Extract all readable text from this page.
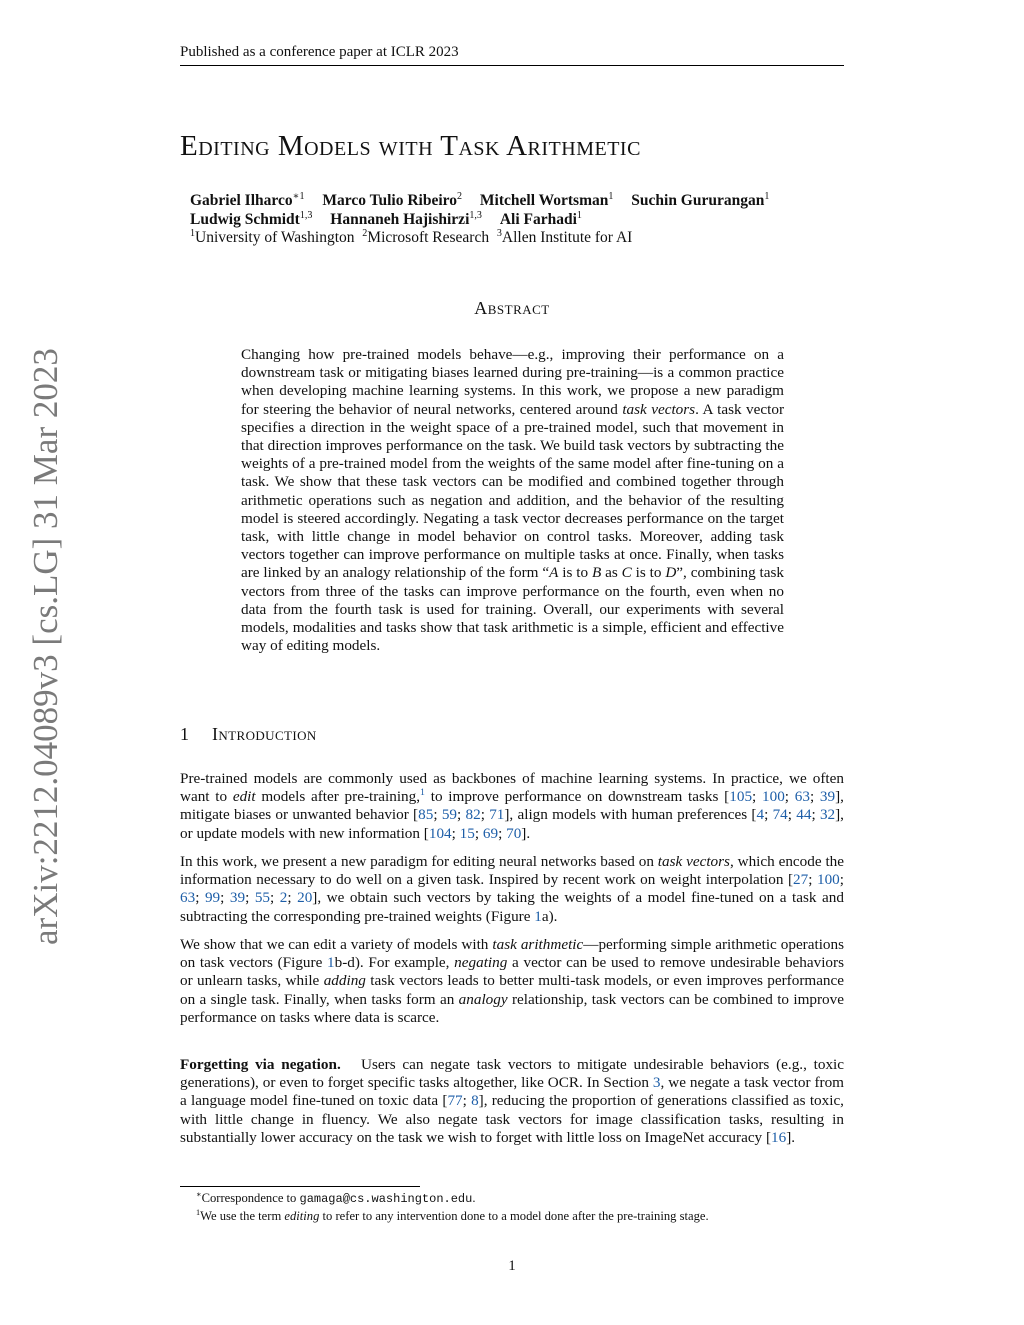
Published as a conference paper at ICLR 2023
arXiv:2212.04089v3 [cs.LG] 31 Mar 2023
Editing Models with Task Arithmetic
Gabriel Ilharco$^{∗1}$ Marco Tulio Ribeiro$^2$ Mitchell Wortsman$^1$ Suchin Gururangan$^1$
Ludwig Schmidt$^{1,3}$ Hannaneh Hajishirzi$^{1,3}$ Ali Farhadi$^1$
$^1$University of Washington $^2$Microsoft Research $^3$Allen Institute for AI
Abstract
Changing how pre-trained models behave—e.g., improving their performance on a downstream task or mitigating biases learned during pre-training—is a common practice when developing machine learning systems. In this work, we propose a new paradigm for steering the behavior of neural networks, centered around task vectors. A task vector specifies a direction in the weight space of a pre-trained model, such that movement in that direction improves performance on the task. We build task vectors by subtracting the weights of a pre-trained model from the weights of the same model after fine-tuning on a task. We show that these task vectors can be modified and combined together through arithmetic operations such as negation and addition, and the behavior of the resulting model is steered accordingly. Negating a task vector decreases performance on the target task, with little change in model behavior on control tasks. Moreover, adding task vectors together can improve performance on multiple tasks at once. Finally, when tasks are linked by an analogy relationship of the form “A is to B as C is to D”, combining task vectors from three of the tasks can improve performance on the fourth, even when no data from the fourth task is used for training. Overall, our experiments with several models, modalities and tasks show that task arithmetic is a simple, efficient and effective way of editing models.
1 Introduction
Pre-trained models are commonly used as backbones of machine learning systems. In practice, we often want to edit models after pre-training,$^1$ to improve performance on downstream tasks [105; 100; 63; 39], mitigate biases or unwanted behavior [85; 59; 82; 71], align models with human preferences [4; 74; 44; 32], or update models with new information [104; 15; 69; 70].
In this work, we present a new paradigm for editing neural networks based on task vectors, which encode the information necessary to do well on a given task. Inspired by recent work on weight interpolation [27; 100; 63; 99; 39; 55; 2; 20], we obtain such vectors by taking the weights of a model fine-tuned on a task and subtracting the corresponding pre-trained weights (Figure 1a).
We show that we can edit a variety of models with task arithmetic—performing simple arithmetic operations on task vectors (Figure 1b-d). For example, negating a vector can be used to remove undesirable behaviors or unlearn tasks, while adding task vectors leads to better multi-task models, or even improves performance on a single task. Finally, when tasks form an analogy relationship, task vectors can be combined to improve performance on tasks where data is scarce.
Forgetting via negation. Users can negate task vectors to mitigate undesirable behaviors (e.g., toxic generations), or even to forget specific tasks altogether, like OCR. In Section 3, we negate a task vector from a language model fine-tuned on toxic data [77; 8], reducing the proportion of generations classified as toxic, with little change in fluency. We also negate task vectors for image classification tasks, resulting in substantially lower accuracy on the task we wish to forget with little loss on ImageNet accuracy [16].
∗Correspondence to gamaga@cs.washington.edu.
$^1$We use the term editing to refer to any intervention done to a model done after the pre-training stage.
1
